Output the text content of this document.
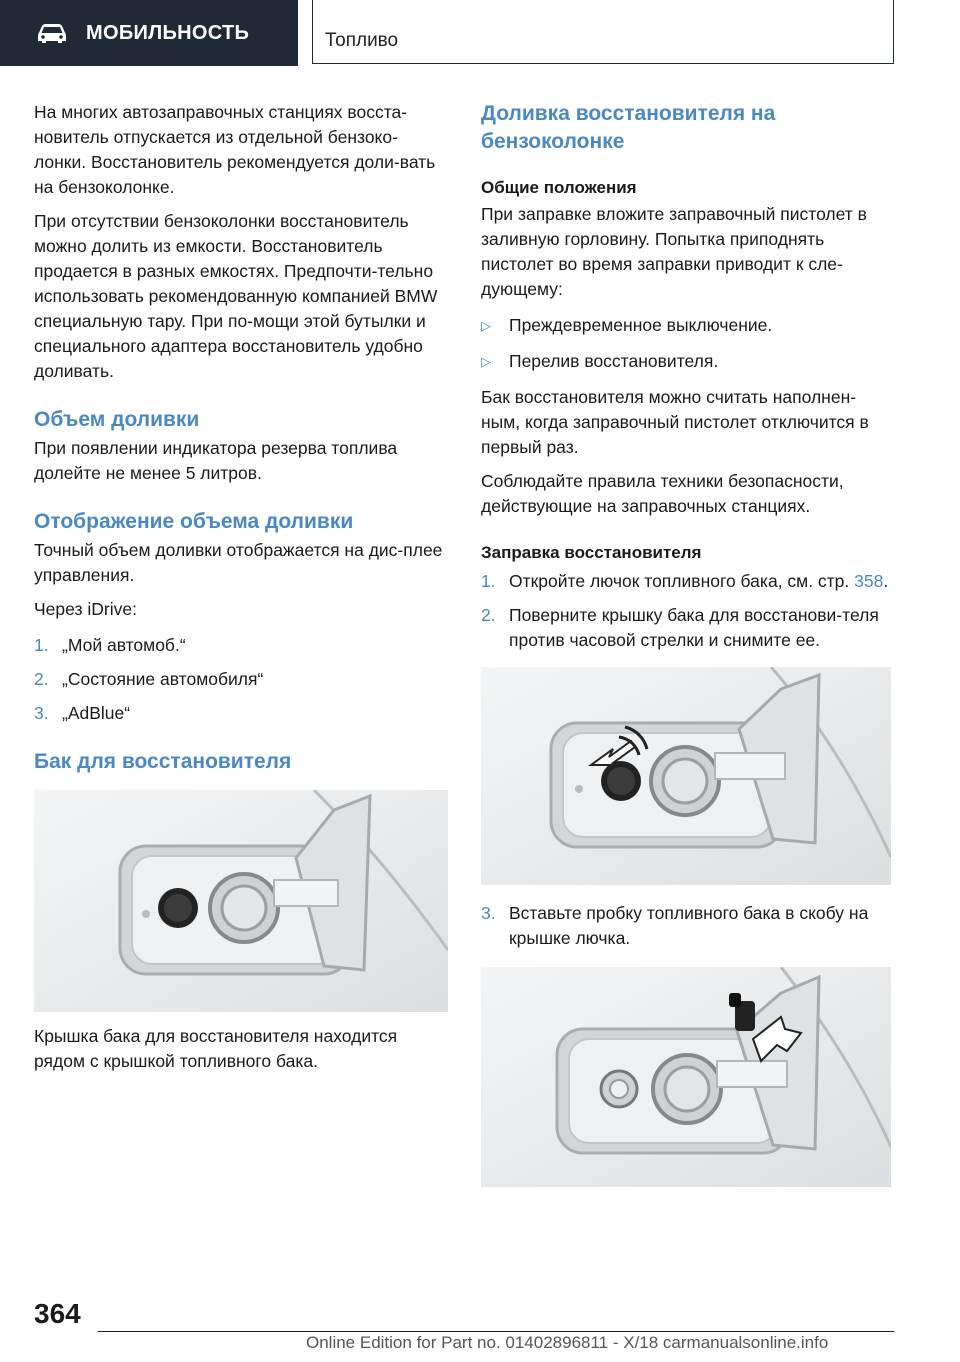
МОБИЛЬНОСТЬ	Топливо

На многих автозаправочных станциях восста-новитель отпускается из отдельной бензоко-лонки. Восстановитель рекомендуется доли-вать на бензоколонке.

При отсутствии бензоколонки восстановитель можно долить из емкости. Восстановитель продается в разных емкостях. Предпочти-тельно использовать рекомендованную компанией BMW специальную тару. При по-мощи этой бутылки и специального адаптера восстановитель удобно доливать.

Объем доливки

При появлении индикатора резерва топлива долейте не менее 5 литров.

Отображение объема доливки

Точный объем доливки отображается на дис-плее управления.

Через iDrive:

1. „Мой автомоб.“
2. „Состояние автомобиля“
3. „AdBlue“
Бак для восстановителя

Крышка бака для восстановителя находится рядом с крышкой топливного бака.

Доливка восстановителя на бензоколонке
Общие положения

При заправке вложите заправочный пистолет в заливную горловину. Попытка приподнять пистолет во время заправки приводит к сле-дующему:

▷	Преждевременное выключение.
▷	Перелив восстановителя.

Бак восстановителя можно считать наполнен-ным, когда заправочный пистолет отключится в первый раз.

Соблюдайте правила техники безопасности, действующие на заправочных станциях.

Заправка восстановителя
1. Откройте лючок топливного бака, см. стр. 358.
2. Поверните крышку бака для восстанови-теля против часовой стрелки и снимите ее.
3. Вставьте пробку топливного бака в скобу на крышке лючка.
364
Online Edition for Part no. 01402896811 - X/18 carmanualsonline.info
